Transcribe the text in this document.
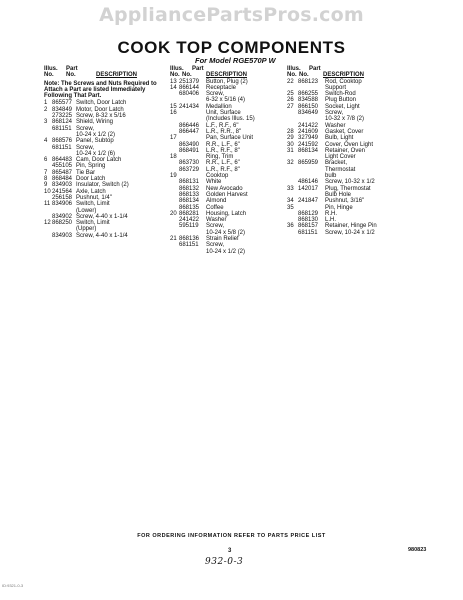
AppliancePartsPros.com
COOK TOP COMPONENTS
For Model RGE570P W
Illus.	Part
No.	No.	DESCRIPTION
Note: The Screws and Nuts Required to Attach a Part are listed Immediately Following That Part.
1 865577 Switch, Door Latch
2 834849 Motor, Door Latch
273225 Screw, 8-32 x 5/16
3 868124 Shield, Wiring
681151 Screw,
10-24 x 1/2 (2)
4 868576 Panel, Subtop
681151 Screw,
10-24 x 1/2 (6)
6 864483 Cam, Door Latch
455105 Pin, Spring
7 865487 Tie Bar
8 868484 Door Latch
9 834903 Insulator, Switch (2)
10 241564 Axle, Latch
256158 Pushnut, 1/4"
11 834906 Switch, Limit
(Lower)
834902 Screw, 4-40 x 1-1/4
12 868250 Switch, Limit
(Upper)
834903 Screw, 4-40 x 1-1/4
Illus.	Part
No. No.	DESCRIPTION
13 251379	Button, Plug (2)
14 866144	Receptacle
680406	Screw,
6-32 x 5/16 (4)
15 241434	Medallion
16	Unit, Surface
(Includes Illus. 15)
866446	L.F., R.F., 6"
866447	L.R., R.R., 8"
17	Pan, Surface Unit
863490	R.R., L.F., 6"
868491	L.R., R.F., 8"
18	Ring, Trim
863730	R.R., L.F., 6"
863729	L.R., R.F., 8"
19	Cooktop
868131	White
868132	New Avocado
868133	Golden Harvest
868134	Almond
868135	Coffee
20 868281	Housing, Latch
241422	Washer
595119	Screw,
10-24 x 5/8 (2)
21 868136	Strain Relief
681151	Screw,
10-24 x 1/2 (2)
Illus.	Part
No. No.	DESCRIPTION
22 868123	Rod, Cooktop
Support
25 866255	Switch-Rod
26 834588	Plug Button
27 866150	Socket, Light
834649	Screw,
10-32 x 7/8 (2)
241422	Washer
28 241609	Gasket, Cover
29 327949	Bulb, Light
30 241592	Cover, Oven Light
31 868134	Retainer, Oven
Light Cover
32 865959	Bracket,
Thermostat
bulb
486146	Screw, 10-32 x 1/2
33 142017	Plug, Thermostat
Bulb Hole
34 241847	Pushnut, 3/16"
35	Pin, Hinge
868129	R.H.
868130	L.H.
36 868157	Retainer, Hinge Pin
681151	Screw, 10-24 x 1/2
FOR ORDERING INFORMATION REFER TO PARTS PRICE LIST
3
932-0-3
980823
ID:9321-0-3
